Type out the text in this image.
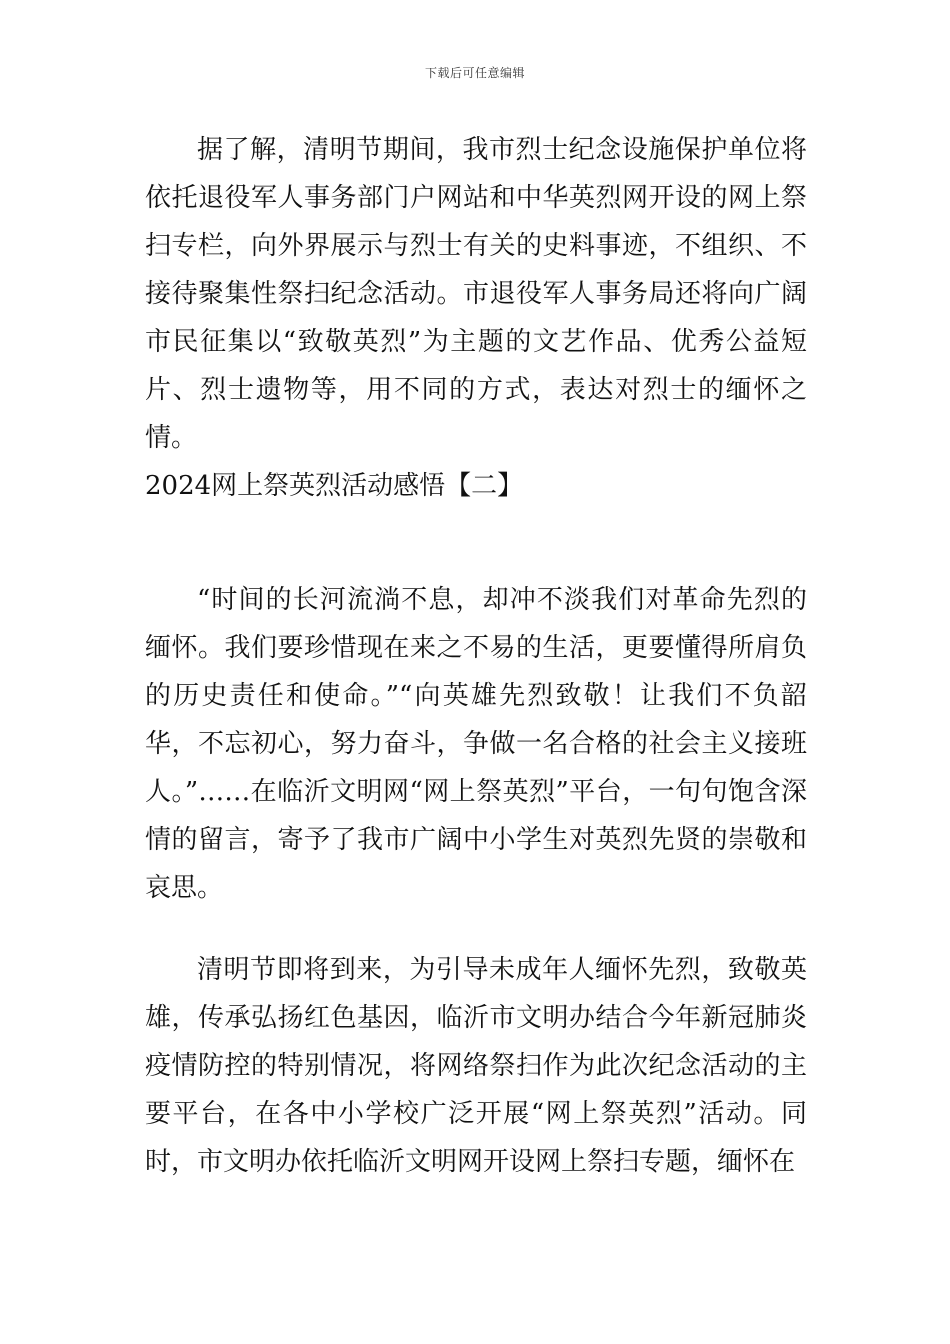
下载后可任意编辑

据了解，清明节期间，我市烈士纪念设施保护单位将依托退役军人事务部门户网站和中华英烈网开设的网上祭扫专栏，向外界展示与烈士有关的史料事迹，不组织、不接待聚集性祭扫纪念活动。市退役军人事务局还将向广阔市民征集以“致敬英烈”为主题的文艺作品、优秀公益短片、烈士遗物等，用不同的方式，表达对烈士的缅怀之情。

2024网上祭英烈活动感悟【二】

“时间的长河流淌不息，却冲不淡我们对革命先烈的缅怀。我们要珍惜现在来之不易的生活，更要懂得所肩负的历史责任和使命。”“向英雄先烈致敬！让我们不负韶华，不忘初心，努力奋斗，争做一名合格的社会主义接班人。”……在临沂文明网“网上祭英烈”平台，一句句饱含深情的留言，寄予了我市广阔中小学生对英烈先贤的崇敬和哀思。

清明节即将到来，为引导未成年人缅怀先烈，致敬英雄，传承弘扬红色基因，临沂市文明办结合今年新冠肺炎疫情防控的特别情况，将网络祭扫作为此次纪念活动的主要平台，在各中小学校广泛开展“网上祭英烈”活动。同时，市文明办依托临沂文明网开设网上祭扫专题，缅怀在
